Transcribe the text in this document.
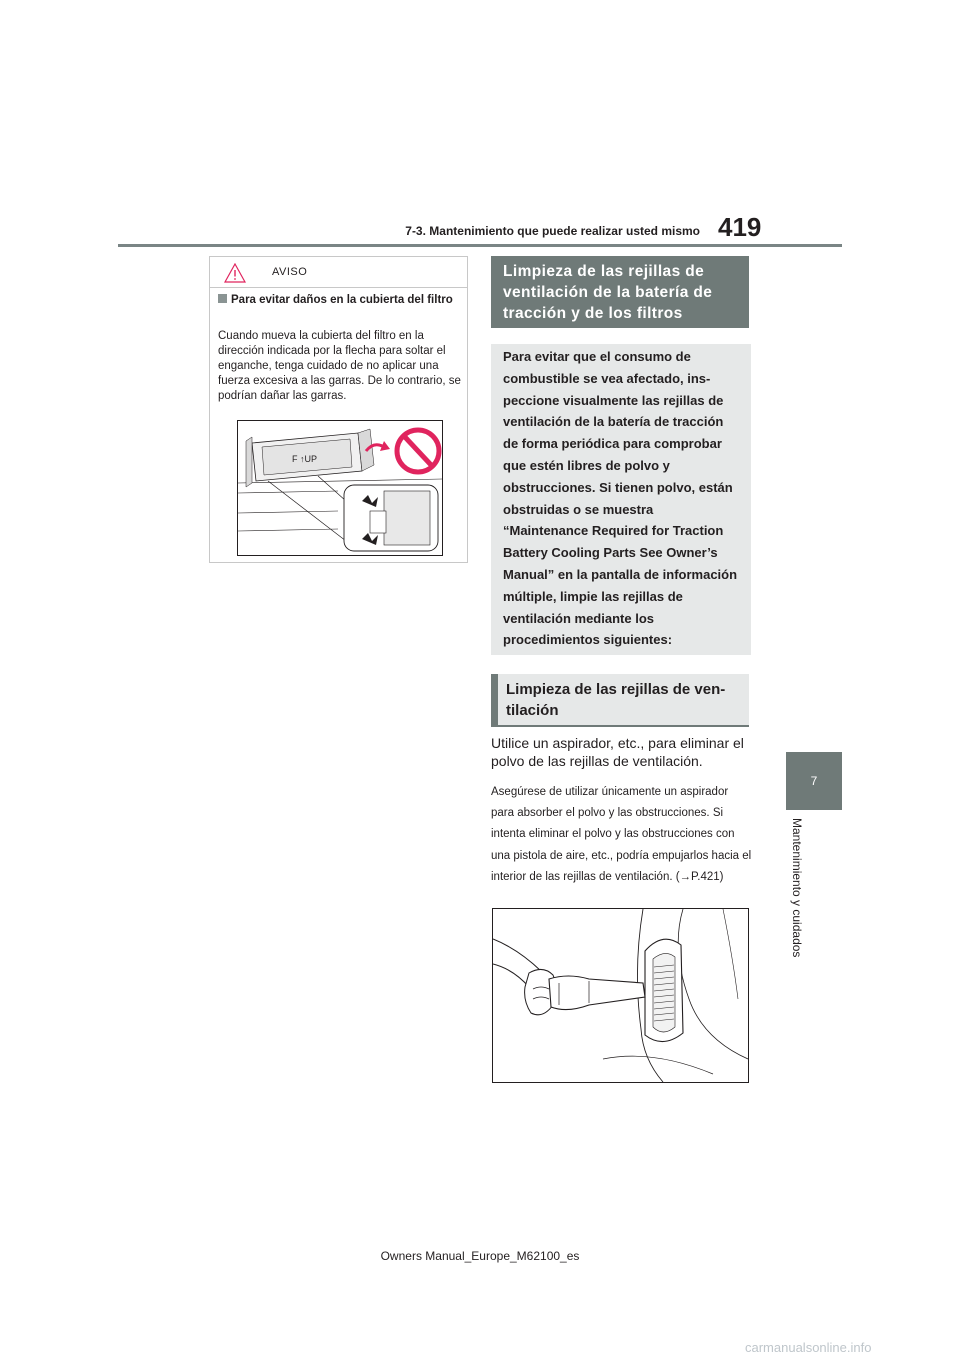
7-3. Mantenimiento que puede realizar usted mismo 419
7
Mantenimiento y cuidados
AVISO
Para evitar daños en la cubierta del filtro
Cuando mueva la cubierta del filtro en la dirección indicada por la flecha para soltar el enganche, tenga cuidado de no aplicar una fuerza excesiva a las garras. De lo contrario, se podrían dañar las garras.
F ↑UP
Limpieza de las rejillas de ventilación de la batería de tracción y de los filtros
Para evitar que el consumo de combustible se vea afectado, inspeccione visualmente las rejillas de ventilación de la batería de tracción de forma periódica para comprobar que estén libres de polvo y obstrucciones. Si tienen polvo, están obstruidas o se muestra “Maintenance Required for Traction Battery Cooling Parts See Owner’s Manual” en la pantalla de información múltiple, limpie las rejillas de ventilación mediante los procedimientos siguientes:
Limpieza de las rejillas de ventilación
Utilice un aspirador, etc., para eliminar el polvo de las rejillas de ventilación.
Asegúrese de utilizar únicamente un aspirador para absorber el polvo y las obstrucciones. Si intenta eliminar el polvo y las obstrucciones con una pistola de aire, etc., podría empujarlos hacia el interior de las rejillas de ventilación. (→P.421)
Owners Manual_Europe_M62100_es
carmanualsonline.info
